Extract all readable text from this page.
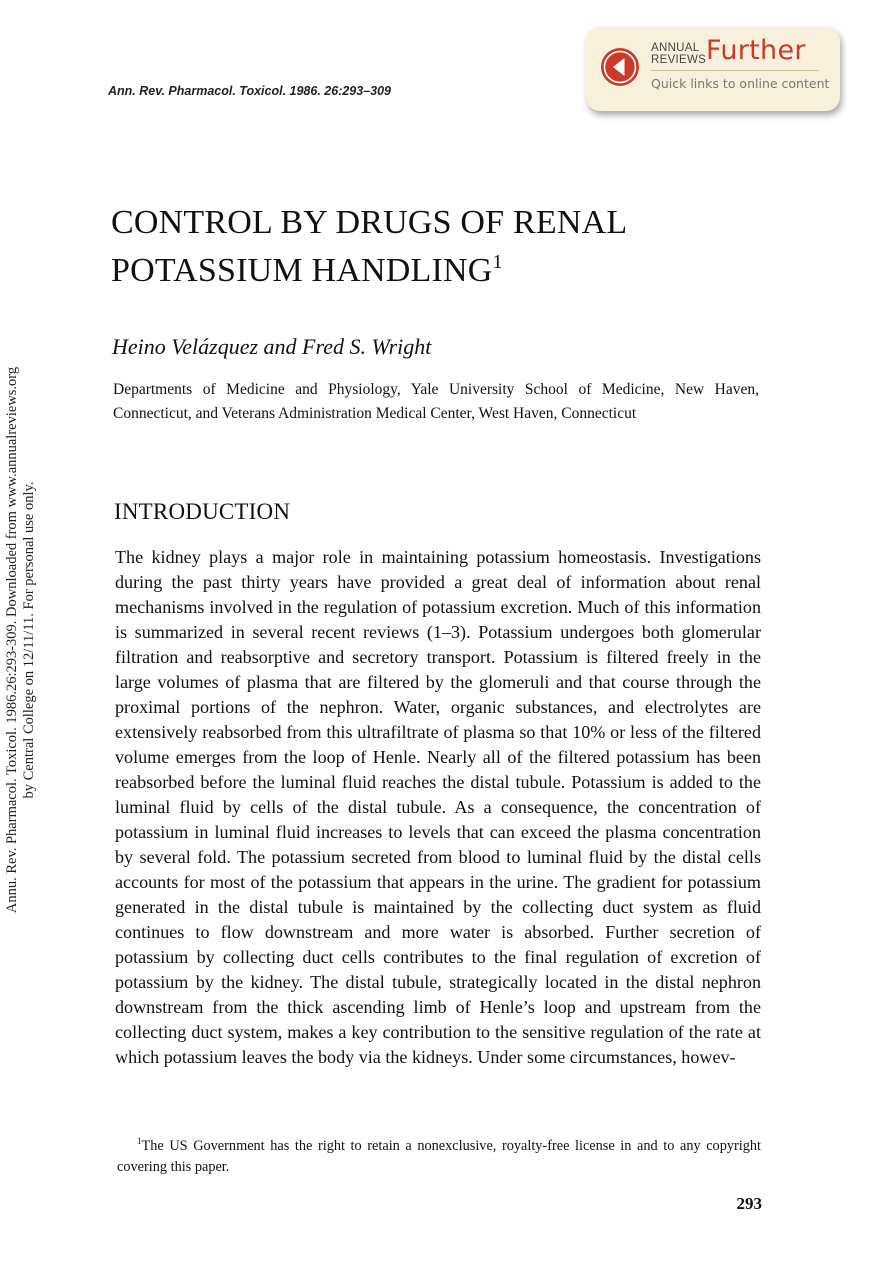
Annu. Rev. Pharmacol. Toxicol. 1986.26:293-309. Downloaded from www.annualreviews.org by Central College on 12/11/11. For personal use only.
Ann. Rev. Pharmacol. Toxicol. 1986. 26:293–309
ANNUAL
REVIEWS Further
Quick links to online content
CONTROL BY DRUGS OF RENAL
POTASSIUM HANDLING$^1$
Heino Velázquez and Fred S. Wright
Departments of Medicine and Physiology, Yale University School of Medicine, New Haven, Connecticut, and Veterans Administration Medical Center, West Haven, Connecticut
INTRODUCTION
The kidney plays a major role in maintaining potassium homeostasis. Investigations during the past thirty years have provided a great deal of information about renal mechanisms involved in the regulation of potassium excretion. Much of this information is summarized in several recent reviews (1–3). Potassium undergoes both glomerular filtration and reabsorptive and secretory transport. Potassium is filtered freely in the large volumes of plasma that are filtered by the glomeruli and that course through the proximal portions of the nephron. Water, organic substances, and electrolytes are extensively reabsorbed from this ultrafiltrate of plasma so that 10% or less of the filtered volume emerges from the loop of Henle. Nearly all of the filtered potassium has been reabsorbed before the luminal fluid reaches the distal tubule. Potassium is added to the luminal fluid by cells of the distal tubule. As a consequence, the concentration of potassium in luminal fluid increases to levels that can exceed the plasma concentration by several fold. The potassium secreted from blood to luminal fluid by the distal cells accounts for most of the potassium that appears in the urine. The gradient for potassium generated in the distal tubule is maintained by the collecting duct system as fluid continues to flow downstream and more water is absorbed. Further secretion of potassium by collecting duct cells contributes to the final regulation of excretion of potassium by the kidney. The distal tubule, strategically located in the distal nephron downstream from the thick ascending limb of Henle’s loop and upstream from the collecting duct system, makes a key contribution to the sensitive regulation of the rate at which potassium leaves the body via the kidneys. Under some circumstances, howev-
$^1$The US Government has the right to retain a nonexclusive, royalty-free license in and to any copyright covering this paper.
293
